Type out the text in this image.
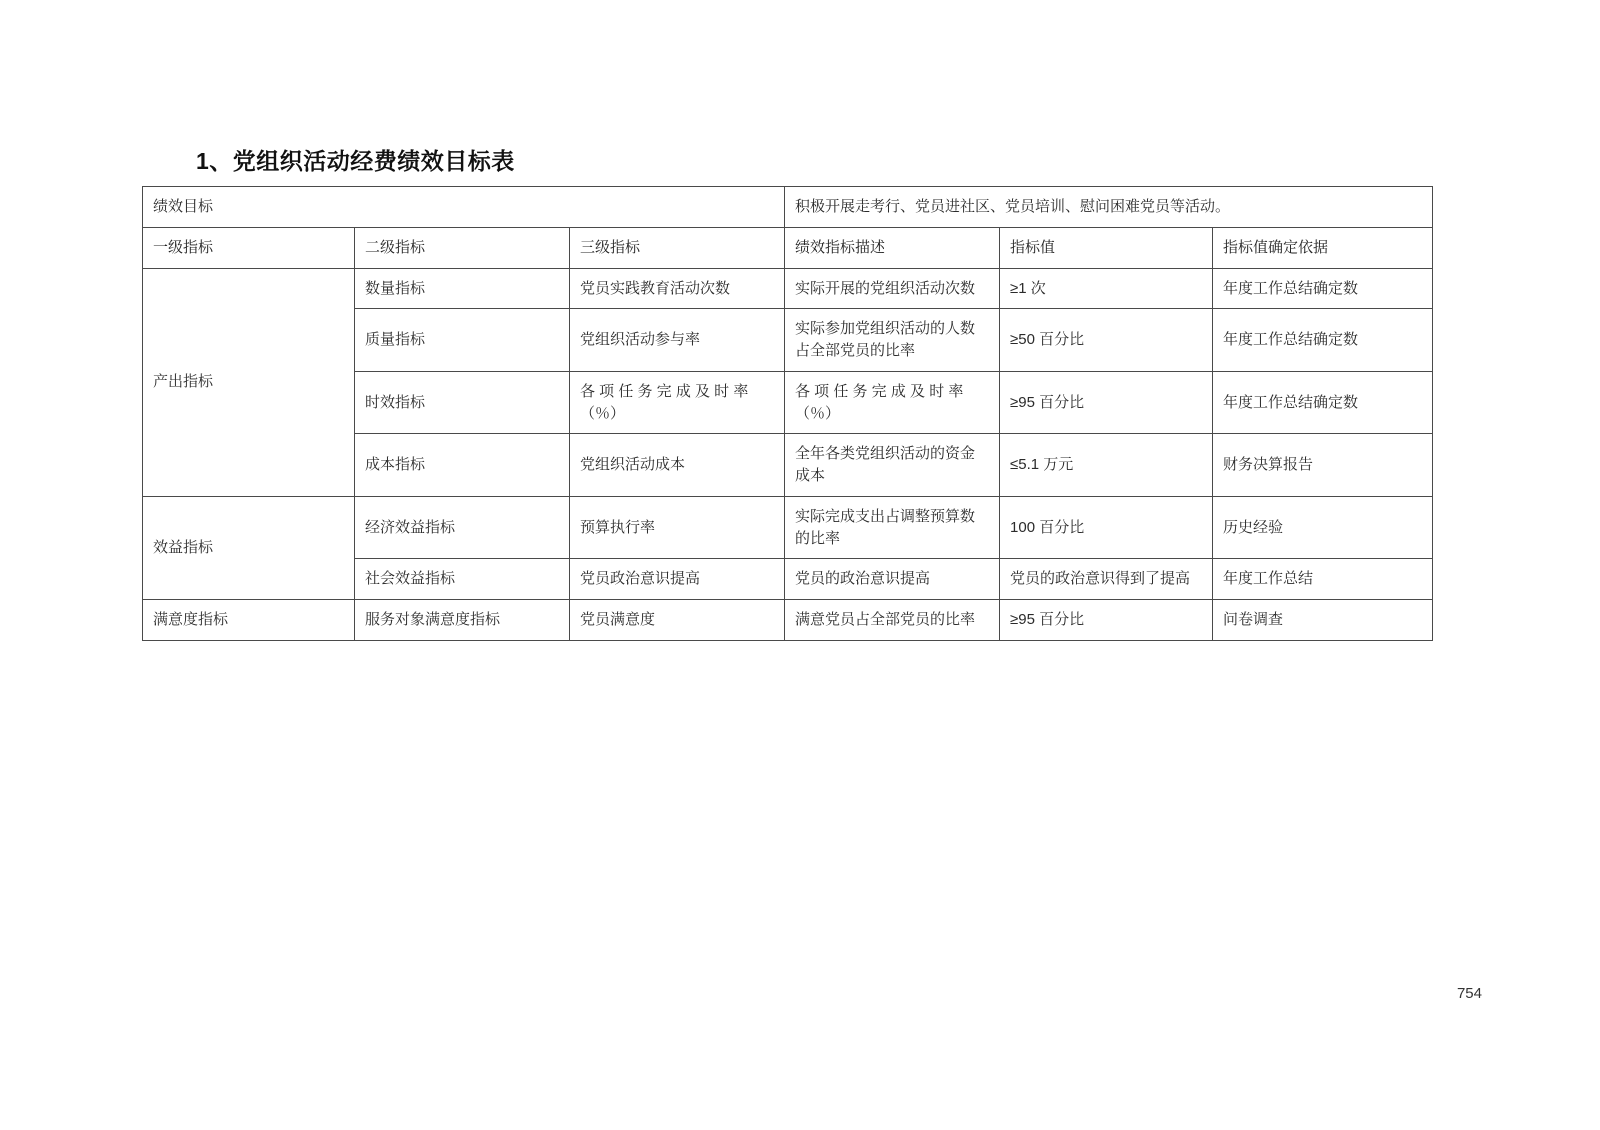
1、党组织活动经费绩效目标表
绩效目标			积极开展走考行、党员进社区、党员培训、慰问困难党员等活动。		
一级指标	二级指标	三级指标	绩效指标描述	指标值	指标值确定依据
产出指标	数量指标	党员实践教育活动次数	实际开展的党组织活动次数	≥1 次	年度工作总结确定数
	质量指标	党组织活动参与率	实际参加党组织活动的人数占全部党员的比率	≥50 百分比	年度工作总结确定数
	时效指标	各 项 任 务 完 成 及 时 率（％）	各 项 任 务 完 成 及 时 率（％）	≥95 百分比	年度工作总结确定数
	成本指标	党组织活动成本	全年各类党组织活动的资金成本	≤5.1 万元	财务决算报告
效益指标	经济效益指标	预算执行率	实际完成支出占调整预算数的比率	100 百分比	历史经验
	社会效益指标	党员政治意识提高	党员的政治意识提高	党员的政治意识得到了提高	年度工作总结
满意度指标	服务对象满意度指标	党员满意度	满意党员占全部党员的比率	≥95 百分比	问卷调查
754
